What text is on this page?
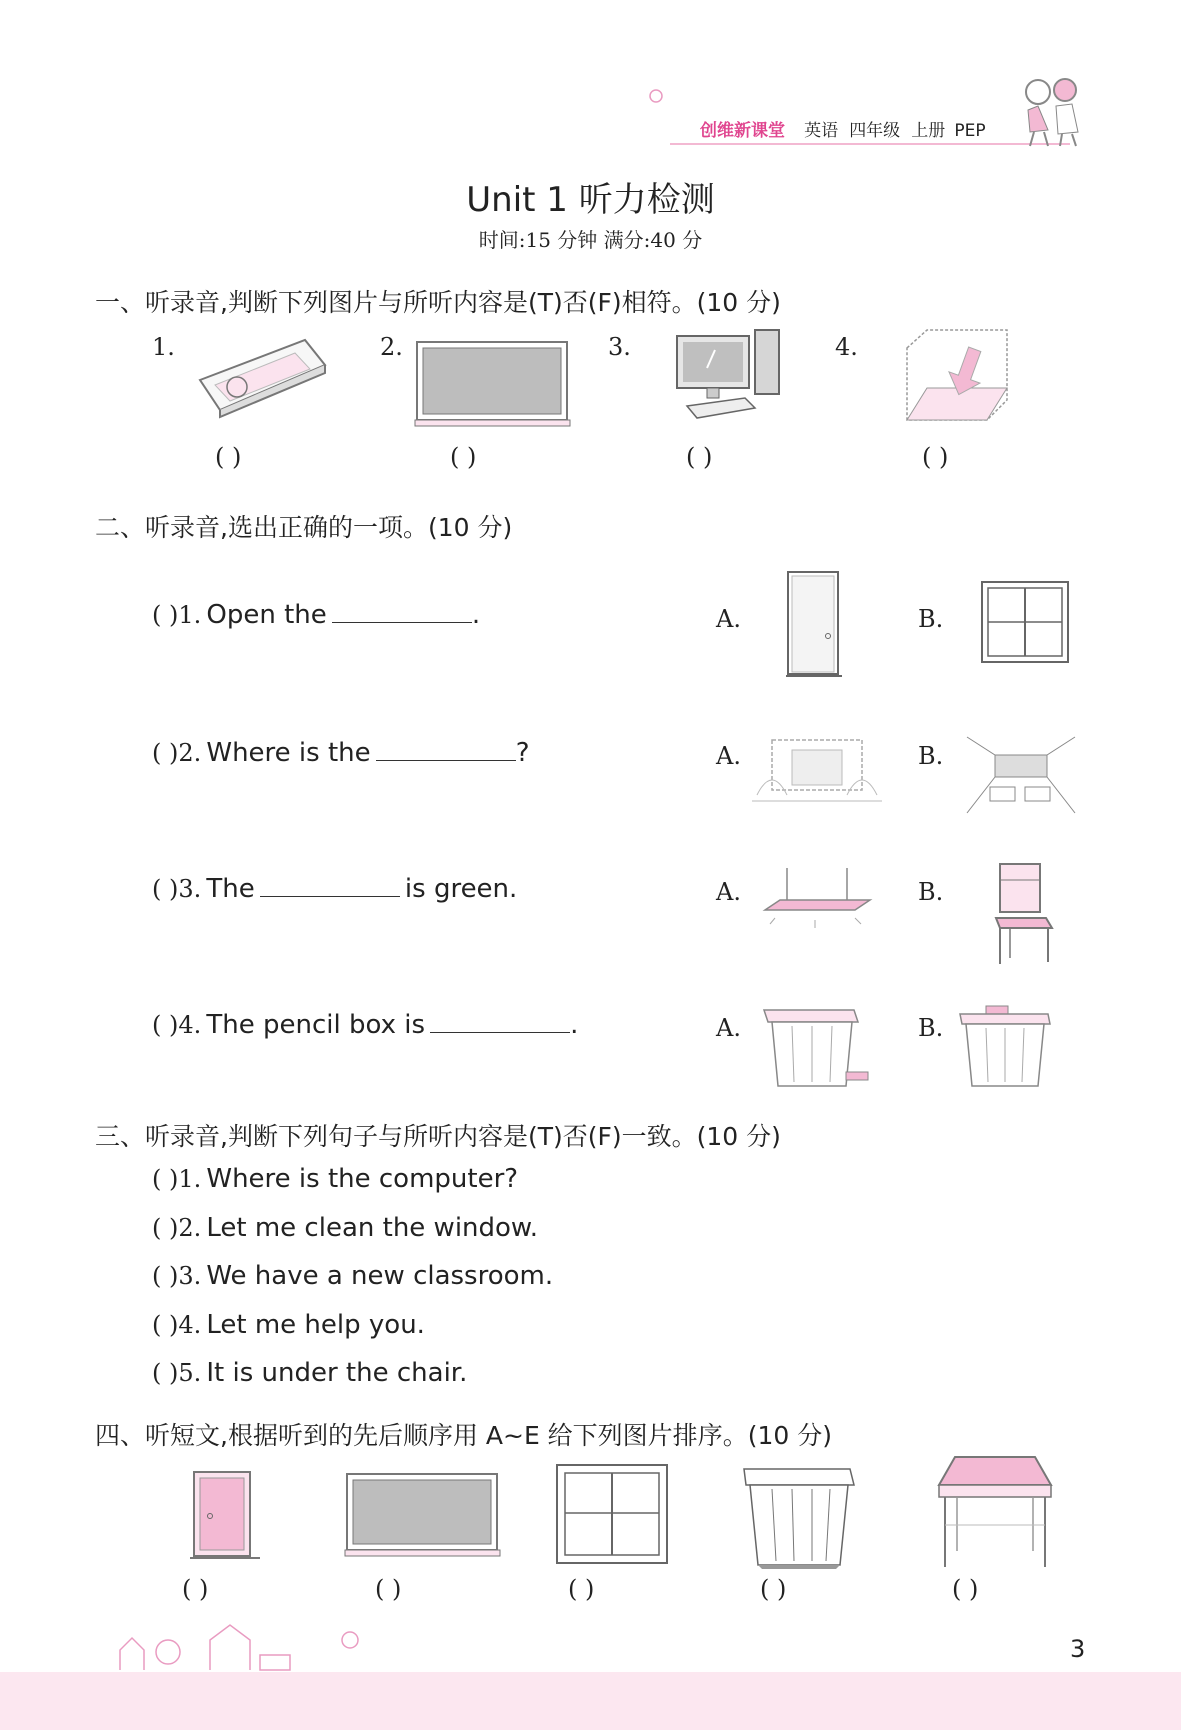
创维新课堂 英语 四年级 上册 PEP
Unit 1 听力检测
时间:15 分钟 满分:40 分
一、听录音,判断下列图片与所听内容是(T)否(F)相符。(10 分)
1.	2.	3.	4.
( )	( )	( )	( )
二、听录音,选出正确的一项。(10 分)
( )1. Open the	.	A.	B.
( )2. Where is the	?	A.	B.
( )3. The	is green.	A.	B.
( )4. The pencil box is	.	A.	B.
三、听录音,判断下列句子与所听内容是(T)否(F)一致。(10 分)
( )1. Where is the computer?
( )2. Let me clean the window.
( )3. We have a new classroom.
( )4. Let me help you.
( )5. It is under the chair.
四、听短文,根据听到的先后顺序用 A~E 给下列图片排序。(10 分)
( )	( )	( )	( )	( )
3
